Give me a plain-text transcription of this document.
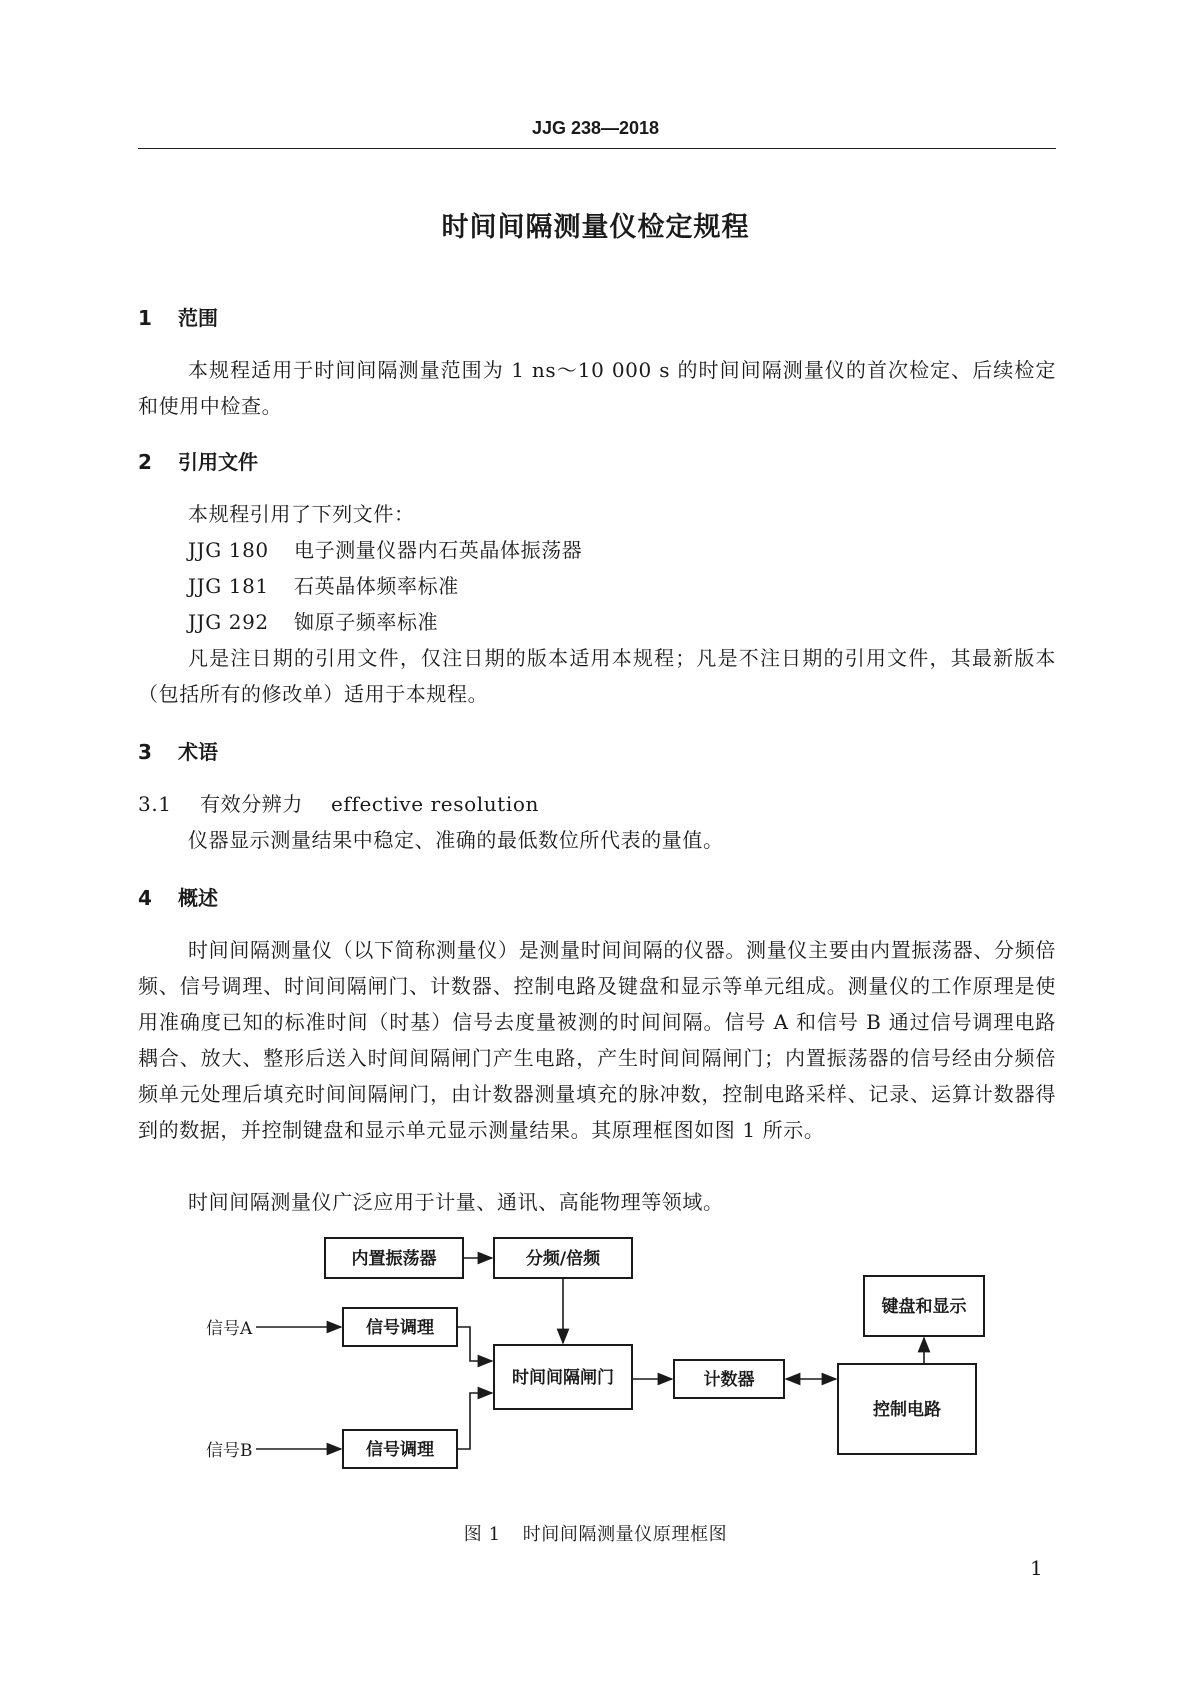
JJG 238—2018
时间间隔测量仪检定规程
1 范围
本规程适用于时间间隔测量范围为 1 ns～10 000 s 的时间间隔测量仪的首次检定、后续检定和使用中检查。
2 引用文件
本规程引用了下列文件：
JJG 180 电子测量仪器内石英晶体振荡器
JJG 181 石英晶体频率标准
JJG 292 铷原子频率标准
凡是注日期的引用文件，仅注日期的版本适用本规程；凡是不注日期的引用文件，其最新版本（包括所有的修改单）适用于本规程。
3 术语
3.1 有效分辨力 effective resolution
仪器显示测量结果中稳定、准确的最低数位所代表的量值。
4 概述
时间间隔测量仪（以下简称测量仪）是测量时间间隔的仪器。测量仪主要由内置振荡器、分频倍频、信号调理、时间间隔闸门、计数器、控制电路及键盘和显示等单元组成。测量仪的工作原理是使用准确度已知的标准时间（时基）信号去度量被测的时间间隔。信号 A 和信号 B 通过信号调理电路耦合、放大、整形后送入时间间隔闸门产生电路，产生时间间隔闸门；内置振荡器的信号经由分频倍频单元处理后填充时间间隔闸门，由计数器测量填充的脉冲数，控制电路采样、记录、运算计数器得到的数据，并控制键盘和显示单元显示测量结果。其原理框图如图 1 所示。
时间间隔测量仪广泛应用于计量、通讯、高能物理等领域。
内置振荡器	分频/倍频
键盘和显示
信号调理
信号调理
时间间隔闸门	计数器
控制电路
信号A
信号B
图 1 时间间隔测量仪原理框图
1
